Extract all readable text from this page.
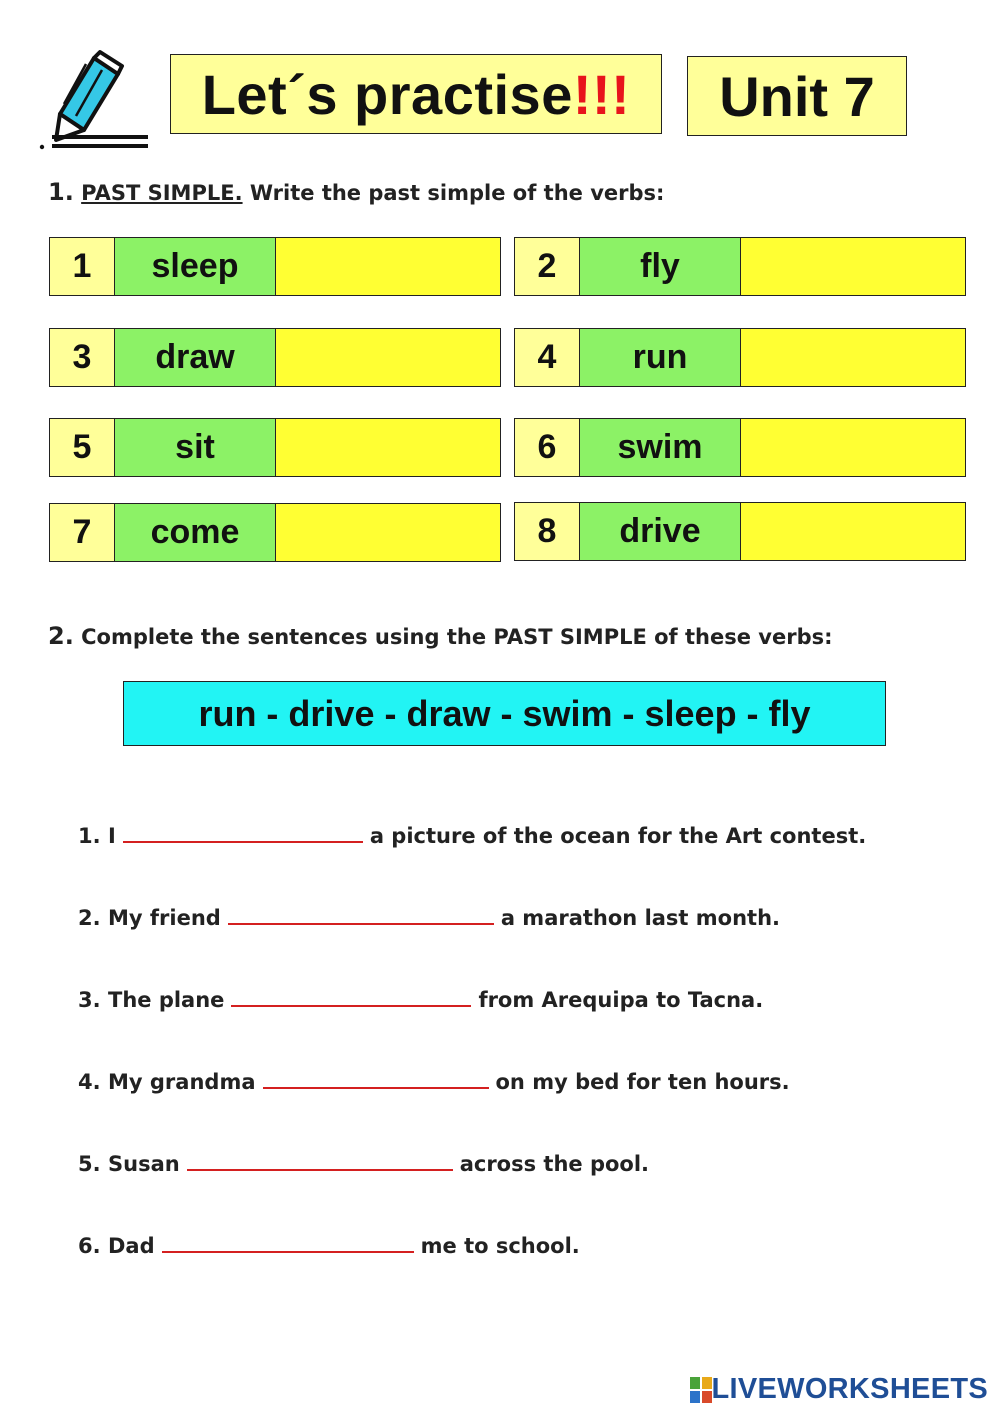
Let´s practise !!!	Unit 7
1. PAST SIMPLE. Write the past simple of the verbs:
1	sleep	2	fly
3	draw	4	run
5	sit	6	swim
7	come	8	drive
2. Complete the sentences using the PAST SIMPLE of these verbs:
run - drive - draw - swim - sleep - fly
1. I	a picture of the ocean for the Art contest.
2. My friend	a marathon last month.
3. The plane	from Arequipa to Tacna.
4. My grandma	on my bed for ten hours.
5. Susan	across the pool.
6. Dad	me to school.
LIVEWORKSHEETS
